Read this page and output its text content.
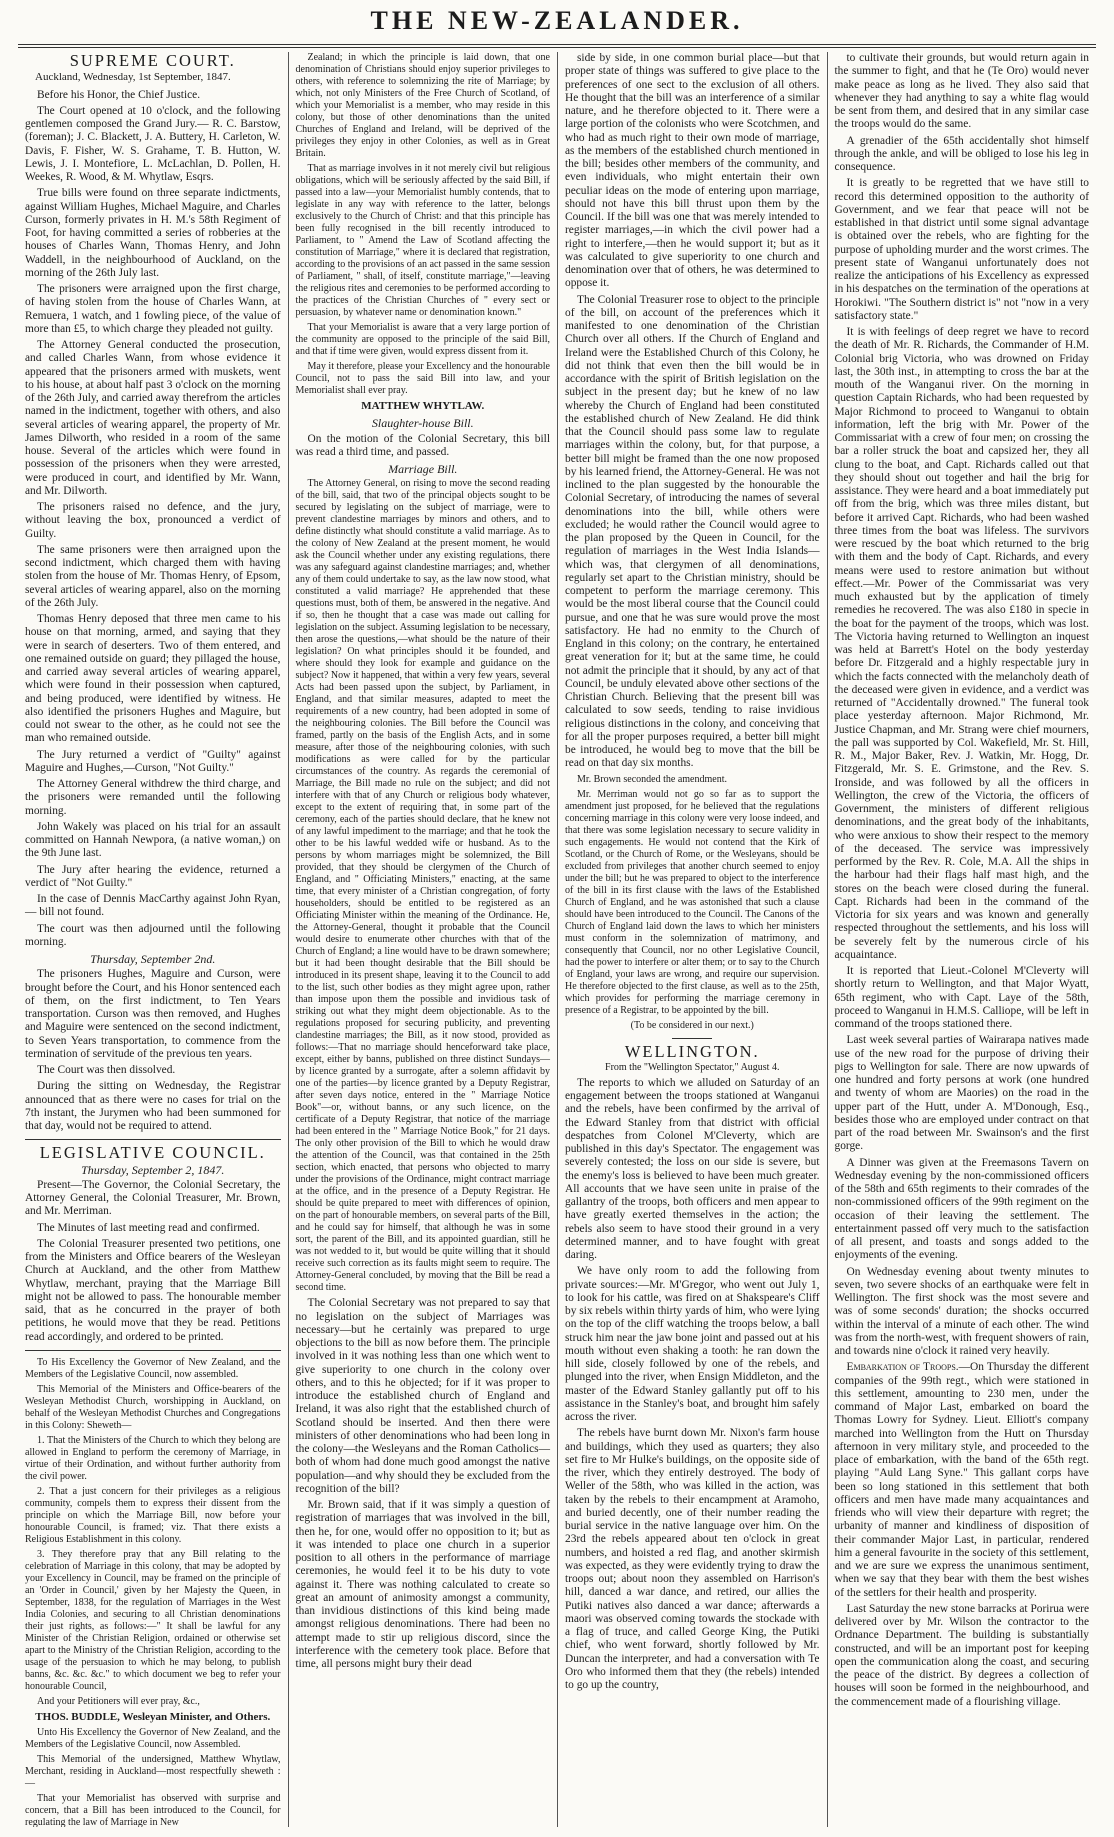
THE NEW-ZEALANDER.
SUPREME COURT.
Auckland, Wednesday, 1st September, 1847.

Before his Honor, the Chief Justice.

The Court opened at 10 o'clock, and the following gentlemen composed the Grand Jury.— R. C. Barstow, (foreman); J. C. Blackett, J. A. Buttery, H. Carleton, W. Davis, F. Fisher, W. S. Grahame, T. B. Hutton, W. Lewis, J. I. Montefiore, L. McLachlan, D. Pollen, H. Weekes, R. Wood, & M. Whytlaw, Esqrs.

True bills were found on three separate indictments, against William Hughes, Michael Maguire, and Charles Curson, formerly privates in H. M.'s 58th Regiment of Foot, for having committed a series of robberies at the houses of Charles Wann, Thomas Henry, and John Waddell, in the neighbourhood of Auckland, on the morning of the 26th July last.

The prisoners were arraigned upon the first charge, of having stolen from the house of Charles Wann, at Remuera, 1 watch, and 1 fowling piece, of the value of more than £5, to which charge they pleaded not guilty.

The Attorney General conducted the prosecution, and called Charles Wann, from whose evidence it appeared that the prisoners armed with muskets, went to his house, at about half past 3 o'clock on the morning of the 26th July, and carried away therefrom the articles named in the indictment, together with others, and also several articles of wearing apparel, the property of Mr. James Dilworth, who resided in a room of the same house. Several of the articles which were found in possession of the prisoners when they were arrested, were produced in court, and identified by Mr. Wann, and Mr. Dilworth.

The prisoners raised no defence, and the jury, without leaving the box, pronounced a verdict of Guilty.

The same prisoners were then arraigned upon the second indictment, which charged them with having stolen from the house of Mr. Thomas Henry, of Epsom, several articles of wearing apparel, also on the morning of the 26th July.

Thomas Henry deposed that three men came to his house on that morning, armed, and saying that they were in search of deserters. Two of them entered, and one remained outside on guard; they pillaged the house, and carried away several articles of wearing apparel, which were found in their possession when captured, and being produced, were identified by witness. He also identified the prisoners Hughes and Maguire, but could not swear to the other, as he could not see the man who remained outside.

The Jury returned a verdict of "Guilty" against Maguire and Hughes,—Curson, "Not Guilty."

The Attorney General withdrew the third charge, and the prisoners were remanded until the following morning.

John Wakely was placed on his trial for an assault committed on Hannah Newpora, (a native woman,) on the 9th June last.

The Jury after hearing the evidence, returned a verdict of "Not Guilty."

In the case of Dennis MacCarthy against John Ryan,— bill not found.

The court was then adjourned until the following morning.

Thursday, September 2nd.

The prisoners Hughes, Maguire and Curson, were brought before the Court, and his Honor sentenced each of them, on the first indictment, to Ten Years transportation. Curson was then removed, and Hughes and Maguire were sentenced on the second indictment, to Seven Years transportation, to commence from the termination of servitude of the previous ten years.

The Court was then dissolved.

During the sitting on Wednesday, the Registrar announced that as there were no cases for trial on the 7th instant, the Jurymen who had been summoned for that day, would not be required to attend.

LEGISLATIVE COUNCIL.
Thursday, September 2, 1847.

Present—The Governor, the Colonial Secretary, the Attorney General, the Colonial Treasurer, Mr. Brown, and Mr. Merriman.

The Minutes of last meeting read and confirmed.

The Colonial Treasurer presented two petitions, one from the Ministers and Office bearers of the Wesleyan Church at Auckland, and the other from Matthew Whytlaw, merchant, praying that the Marriage Bill might not be allowed to pass. The honourable member said, that as he concurred in the prayer of both petitions, he would move that they be read. Petitions read accordingly, and ordered to be printed.

To His Excellency the Governor of New Zealand, and the Members of the Legislative Council, now assembled.

This Memorial of the Ministers and Office-bearers of the Wesleyan Methodist Church, worshipping in Auckland, on behalf of the Wesleyan Methodist Churches and Congregations in this Colony: Sheweth—

1. That the Ministers of the Church to which they belong are allowed in England to perform the ceremony of Marriage, in virtue of their Ordination, and without further authority from the civil power.

2. That a just concern for their privileges as a religious community, compels them to express their dissent from the principle on which the Marriage Bill, now before your honourable Council, is framed; viz. That there exists a Religious Establishment in this colony.

3. They therefore pray that any Bill relating to the celebration of Marriage in this colony, that may be adopted by your Excellency in Council, may be framed on the principle of an 'Order in Council,' given by her Majesty the Queen, in September, 1838, for the regulation of Marriages in the West India Colonies, and securing to all Christian denominations their just rights, as follows:—" It shall be lawful for any Minister of the Christian Religion, ordained or otherwise set apart to the Ministry of the Christian Religion, according to the usage of the persuasion to which he may belong, to publish banns, &c. &c. &c." to which document we beg to refer your honourable Council,

And your Petitioners will ever pray, &c.,

THOS. BUDDLE, Wesleyan Minister, and Others.

Unto His Excellency the Governor of New Zealand, and the Members of the Legislative Council, now Assembled.

This Memorial of the undersigned, Matthew Whytlaw, Merchant, residing in Auckland—most respectfully sheweth :—

That your Memorialist has observed with surprise and concern, that a Bill has been introduced to the Council, for regulating the law of Marriage in New

Zealand; in which the principle is laid down, that one denomination of Christians should enjoy superior privileges to others, with reference to solemnizing the rite of Marriage; by which, not only Ministers of the Free Church of Scotland, of which your Memorialist is a member, who may reside in this colony, but those of other denominations than the united Churches of England and Ireland, will be deprived of the privileges they enjoy in other Colonies, as well as in Great Britain.

That as marriage involves in it not merely civil but religious obligations, which will be seriously affected by the said Bill, if passed into a law—your Memorialist humbly contends, that to legislate in any way with reference to the latter, belongs exclusively to the Church of Christ: and that this principle has been fully recognised in the bill recently introduced to Parliament, to " Amend the Law of Scotland affecting the constitution of Marriage," where it is declared that registration, according to the provisions of an act passed in the same session of Parliament, " shall, of itself, constitute marriage,"—leaving the religious rites and ceremonies to be performed according to the practices of the Christian Churches of " every sect or persuasion, by whatever name or denomination known."

That your Memorialist is aware that a very large portion of the community are opposed to the principle of the said Bill, and that if time were given, would express dissent from it.

May it therefore, please your Excellency and the honourable Council, not to pass the said Bill into law, and your Memorialist shall ever pray.

MATTHEW WHYTLAW.
Slaughter-house Bill.

On the motion of the Colonial Secretary, this bill was read a third time, and passed.

Marriage Bill.

The Attorney General, on rising to move the second reading of the bill, said, that two of the principal objects sought to be secured by legislating on the subject of marriage, were to prevent clandestine marriages by minors and others, and to define distinctly what should constitute a valid marriage. As to the colony of New Zealand at the present moment, he would ask the Council whether under any existing regulations, there was any safeguard against clandestine marriages; and, whether any of them could undertake to say, as the law now stood, what constituted a valid marriage? He apprehended that these questions must, both of them, be answered in the negative. And if so, then he thought that a case was made out calling for legislation on the subject. Assuming legislation to be necessary, then arose the questions,—what should be the nature of their legislation? On what principles should it be founded, and where should they look for example and guidance on the subject? Now it happened, that within a very few years, several Acts had been passed upon the subject, by Parliament, in England, and that similar measures, adapted to meet the requirements of a new country, had been adopted in some of the neighbouring colonies. The Bill before the Council was framed, partly on the basis of the English Acts, and in some measure, after those of the neighbouring colonies, with such modifications as were called for by the particular circumstances of the country. As regards the ceremonial of Marriage, the Bill made no rule on the subject; and did not interfere with that of any Church or religious body whatever, except to the extent of requiring that, in some part of the ceremony, each of the parties should declare, that he knew not of any lawful impediment to the marriage; and that he took the other to be his lawful wedded wife or husband. As to the persons by whom marriages might be solemnized, the Bill provided, that they should be clergymen of the Church of England, and " Officiating Ministers," enacting, at the same time, that every minister of a Christian congregation, of forty householders, should be entitled to be registered as an Officiating Minister within the meaning of the Ordinance. He, the Attorney-General, thought it probable that the Council would desire to enumerate other churches with that of the Church of England; a line would have to be drawn somewhere; but it had been thought desirable that the Bill should be introduced in its present shape, leaving it to the Council to add to the list, such other bodies as they might agree upon, rather than impose upon them the possible and invidious task of striking out what they might deem objectionable. As to the regulations proposed for securing publicity, and preventing clandestine marriages; the Bill, as it now stood, provided as follows:—That no marriage should henceforward take place, except, either by banns, published on three distinct Sundays—by licence granted by a surrogate, after a solemn affidavit by one of the parties—by licence granted by a Deputy Registrar, after seven days notice, entered in the " Marriage Notice Book"—or, without banns, or any such licence, on the certificate of a Deputy Registrar, that notice of the marriage had been entered in the " Marriage Notice Book," for 21 days. The only other provision of the Bill to which he would draw the attention of the Council, was that contained in the 25th section, which enacted, that persons who objected to marry under the provisions of the Ordinance, might contract marriage at the office, and in the presence of a Deputy Registrar. He should be quite prepared to meet with differences of opinion, on the part of honourable members, on several parts of the Bill, and he could say for himself, that although he was in some sort, the parent of the Bill, and its appointed guardian, still he was not wedded to it, but would be quite willing that it should receive such correction as its faults might seem to require. The Attorney-General concluded, by moving that the Bill be read a second time.

The Colonial Secretary was not prepared to say that no legislation on the subject of Marriages was necessary—but he certainly was prepared to urge objections to the bill as now before them. The principle involved in it was nothing less than one which went to give superiority to one church in the colony over others, and to this he objected; for if it was proper to introduce the established church of England and Ireland, it was also right that the established church of Scotland should be inserted. And then there were ministers of other denominations who had been long in the colony—the Wesleyans and the Roman Catholics—both of whom had done much good amongst the native population—and why should they be excluded from the recognition of the bill?

Mr. Brown said, that if it was simply a question of registration of marriages that was involved in the bill, then he, for one, would offer no opposition to it; but as it was intended to place one church in a superior position to all others in the performance of marriage ceremonies, he would feel it to be his duty to vote against it. There was nothing calculated to create so great an amount of animosity amongst a community, than invidious distinctions of this kind being made amongst religious denominations. There had been no attempt made to stir up religious discord, since the interference with the cemetery took place. Before that time, all persons might bury their dead

side by side, in one common burial place—but that proper state of things was suffered to give place to the preferences of one sect to the exclusion of all others. He thought that the bill was an interference of a similar nature, and he therefore objected to it. There were a large portion of the colonists who were Scotchmen, and who had as much right to their own mode of marriage, as the members of the established church mentioned in the bill; besides other members of the community, and even individuals, who might entertain their own peculiar ideas on the mode of entering upon marriage, should not have this bill thrust upon them by the Council. If the bill was one that was merely intended to register marriages,—in which the civil power had a right to interfere,—then he would support it; but as it was calculated to give superiority to one church and denomination over that of others, he was determined to oppose it.

The Colonial Treasurer rose to object to the principle of the bill, on account of the preferences which it manifested to one denomination of the Christian Church over all others. If the Church of England and Ireland were the Established Church of this Colony, he did not think that even then the bill would be in accordance with the spirit of British legislation on the subject in the present day; but he knew of no law whereby the Church of England had been constituted the established church of New Zealand. He did think that the Council should pass some law to regulate marriages within the colony, but, for that purpose, a better bill might be framed than the one now proposed by his learned friend, the Attorney-General. He was not inclined to the plan suggested by the honourable the Colonial Secretary, of introducing the names of several denominations into the bill, while others were excluded; he would rather the Council would agree to the plan proposed by the Queen in Council, for the regulation of marriages in the West India Islands—which was, that clergymen of all denominations, regularly set apart to the Christian ministry, should be competent to perform the marriage ceremony. This would be the most liberal course that the Council could pursue, and one that he was sure would prove the most satisfactory. He had no enmity to the Church of England in this colony; on the contrary, he entertained great veneration for it; but at the same time, he could not admit the principle that it should, by any act of that Council, be unduly elevated above other sections of the Christian Church. Believing that the present bill was calculated to sow seeds, tending to raise invidious religious distinctions in the colony, and conceiving that for all the proper purposes required, a better bill might be introduced, he would beg to move that the bill be read on that day six months.

Mr. Brown seconded the amendment.

Mr. Merriman would not go so far as to support the amendment just proposed, for he believed that the regulations concerning marriage in this colony were very loose indeed, and that there was some legislation necessary to secure validity in such engagements. He would not contend that the Kirk of Scotland, or the Church of Rome, or the Wesleyans, should be excluded from privileges that another church seemed to enjoy under the bill; but he was prepared to object to the interference of the bill in its first clause with the laws of the Established Church of England, and he was astonished that such a clause should have been introduced to the Council. The Canons of the Church of England laid down the laws to which her ministers must conform in the solemnization of matrimony, and consequently that Council, nor no other Legislative Council, had the power to interfere or alter them; or to say to the Church of England, your laws are wrong, and require our supervision. He therefore objected to the first clause, as well as to the 25th, which provides for performing the marriage ceremony in presence of a Registrar, to be appointed by the bill.

(To be considered in our next.)

WELLINGTON.

From the "Wellington Spectator," August 4.

The reports to which we alluded on Saturday of an engagement between the troops stationed at Wanganui and the rebels, have been confirmed by the arrival of the Edward Stanley from that district with official despatches from Colonel M'Cleverty, which are published in this day's Spectator. The engagement was severely contested; the loss on our side is severe, but the enemy's loss is believed to have been much greater. All accounts that we have seen unite in praise of the gallantry of the troops, both officers and men appear to have greatly exerted themselves in the action; the rebels also seem to have stood their ground in a very determined manner, and to have fought with great daring.

We have only room to add the following from private sources:—Mr. M'Gregor, who went out July 1, to look for his cattle, was fired on at Shakspeare's Cliff by six rebels within thirty yards of him, who were lying on the top of the cliff watching the troops below, a ball struck him near the jaw bone joint and passed out at his mouth without even shaking a tooth: he ran down the hill side, closely followed by one of the rebels, and plunged into the river, when Ensign Middleton, and the master of the Edward Stanley gallantly put off to his assistance in the Stanley's boat, and brought him safely across the river.

The rebels have burnt down Mr. Nixon's farm house and buildings, which they used as quarters; they also set fire to Mr Hulke's buildings, on the opposite side of the river, which they entirely destroyed. The body of Weller of the 58th, who was killed in the action, was taken by the rebels to their encampment at Aramoho, and buried decently, one of their number reading the burial service in the native language over him. On the 23rd the rebels appeared about ten o'clock in great numbers, and hoisted a red flag, and another skirmish was expected, as they were evidently trying to draw the troops out; about noon they assembled on Harrison's hill, danced a war dance, and retired, our allies the Putiki natives also danced a war dance; afterwards a maori was observed coming towards the stockade with a flag of truce, and called George King, the Putiki chief, who went forward, shortly followed by Mr. Duncan the interpreter, and had a conversation with Te Oro who informed them that they (the rebels) intended to go up the country,

to cultivate their grounds, but would return again in the summer to fight, and that he (Te Oro) would never make peace as long as he lived. They also said that whenever they had anything to say a white flag would be sent from them, and desired that in any similar case the troops would do the same.

A grenadier of the 65th accidentally shot himself through the ankle, and will be obliged to lose his leg in consequence.

It is greatly to be regretted that we have still to record this determined opposition to the authority of Government, and we fear that peace will not be established in that district until some signal advantage is obtained over the rebels, who are fighting for the purpose of upholding murder and the worst crimes. The present state of Wanganui unfortunately does not realize the anticipations of his Excellency as expressed in his despatches on the termination of the operations at Horokiwi. "The Southern district is" not "now in a very satisfactory state."

It is with feelings of deep regret we have to record the death of Mr. R. Richards, the Commander of H.M. Colonial brig Victoria, who was drowned on Friday last, the 30th inst., in attempting to cross the bar at the mouth of the Wanganui river. On the morning in question Captain Richards, who had been requested by Major Richmond to proceed to Wanganui to obtain information, left the brig with Mr. Power of the Commissariat with a crew of four men; on crossing the bar a roller struck the boat and capsized her, they all clung to the boat, and Capt. Richards called out that they should shout out together and hail the brig for assistance. They were heard and a boat immediately put off from the brig, which was three miles distant, but before it arrived Capt. Richards, who had been washed three times from the boat was lifeless. The survivors were rescued by the boat which returned to the brig with them and the body of Capt. Richards, and every means were used to restore animation but without effect.—Mr. Power of the Commissariat was very much exhausted but by the application of timely remedies he recovered. The was also £180 in specie in the boat for the payment of the troops, which was lost. The Victoria having returned to Wellington an inquest was held at Barrett's Hotel on the body yesterday before Dr. Fitzgerald and a highly respectable jury in which the facts connected with the melancholy death of the deceased were given in evidence, and a verdict was returned of "Accidentally drowned." The funeral took place yesterday afternoon. Major Richmond, Mr. Justice Chapman, and Mr. Strang were chief mourners, the pall was supported by Col. Wakefield, Mr. St. Hill, R. M., Major Baker, Rev. J. Watkin, Mr. Hogg, Dr. Fitzgerald, Mr. S. E. Grimstone, and the Rev. S. Ironside, and was followed by all the officers in Wellington, the crew of the Victoria, the officers of Government, the ministers of different religious denominations, and the great body of the inhabitants, who were anxious to show their respect to the memory of the deceased. The service was impressively performed by the Rev. R. Cole, M.A. All the ships in the harbour had their flags half mast high, and the stores on the beach were closed during the funeral. Capt. Richards had been in the command of the Victoria for six years and was known and generally respected throughout the settlements, and his loss will be severely felt by the numerous circle of his acquaintance.

It is reported that Lieut.-Colonel M'Cleverty will shortly return to Wellington, and that Major Wyatt, 65th regiment, who with Capt. Laye of the 58th, proceed to Wanganui in H.M.S. Calliope, will be left in command of the troops stationed there.

Last week several parties of Wairarapa natives made use of the new road for the purpose of driving their pigs to Wellington for sale. There are now upwards of one hundred and forty persons at work (one hundred and twenty of whom are Maories) on the road in the upper part of the Hutt, under A. M'Donough, Esq., besides those who are employed under contract on that part of the road between Mr. Swainson's and the first gorge.

A Dinner was given at the Freemasons Tavern on Wednesday evening by the non-commissioned officers of the 58th and 65th regiments to their comrades of the non-commissioned officers of the 99th regiment on the occasion of their leaving the settlement. The entertainment passed off very much to the satisfaction of all present, and toasts and songs added to the enjoyments of the evening.

On Wednesday evening about twenty minutes to seven, two severe shocks of an earthquake were felt in Wellington. The first shock was the most severe and was of some seconds' duration; the shocks occurred within the interval of a minute of each other. The wind was from the north-west, with frequent showers of rain, and towards nine o'clock it rained very heavily.

Embarkation of Troops.—On Thursday the different companies of the 99th regt., which were stationed in this settlement, amounting to 230 men, under the command of Major Last, embarked on board the Thomas Lowry for Sydney. Lieut. Elliott's company marched into Wellington from the Hutt on Thursday afternoon in very military style, and proceeded to the place of embarkation, with the band of the 65th regt. playing "Auld Lang Syne." This gallant corps have been so long stationed in this settlement that both officers and men have made many acquaintances and friends who will view their departure with regret; the urbanity of manner and kindliness of disposition of their commander Major Last, in particular, rendered him a general favourite in the society of this settlement, and we are sure we express the unanimous sentiment, when we say that they bear with them the best wishes of the settlers for their health and prosperity.

Last Saturday the new stone barracks at Porirua were delivered over by Mr. Wilson the contractor to the Ordnance Department. The building is substantially constructed, and will be an important post for keeping open the communication along the coast, and securing the peace of the district. By degrees a collection of houses will soon be formed in the neighbourhood, and the commencement made of a flourishing village.
